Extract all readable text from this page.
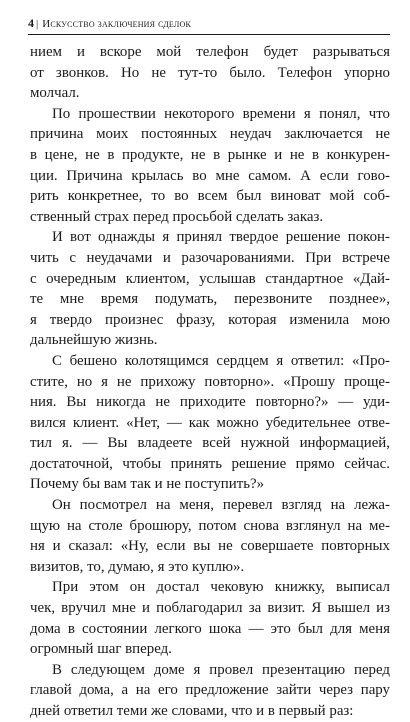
4 | Искусство заключения сделок
нием и вскоре мой телефон будет разрываться
от звонков. Но не тут-то было. Телефон упорно
молчал.
По прошествии некоторого времени я понял, что
причина моих постоянных неудач заключается не
в цене, не в продукте, не в рынке и не в конкурен-
ции. Причина крылась во мне самом. А если гово-
рить конкретнее, то во всем был виноват мой соб-
ственный страх перед просьбой сделать заказ.
И вот однажды я принял твердое решение покон-
чить с неудачами и разочарованиями. При встрече
с очередным клиентом, услышав стандартное «Дай-
те мне время подумать, перезвоните позднее»,
я твердо произнес фразу, которая изменила мою
дальнейшую жизнь.
С бешено колотящимся сердцем я ответил: «Про-
стите, но я не прихожу повторно». «Прошу проще-
ния. Вы никогда не приходите повторно?» — уди-
вился клиент. «Нет, — как можно убедительнее отве-
тил я. — Вы владеете всей нужной информацией,
достаточной, чтобы принять решение прямо сейчас.
Почему бы вам так и не поступить?»
Он посмотрел на меня, перевел взгляд на лежа-
щую на столе брошюру, потом снова взглянул на ме-
ня и сказал: «Ну, если вы не совершаете повторных
визитов, то, думаю, я это куплю».
При этом он достал чековую книжку, выписал
чек, вручил мне и поблагодарил за визит. Я вышел из
дома в состоянии легкого шока — это был для меня
огромный шаг вперед.
В следующем доме я провел презентацию перед
главой дома, а на его предложение зайти через пару
дней ответил теми же словами, что и в первый раз:
